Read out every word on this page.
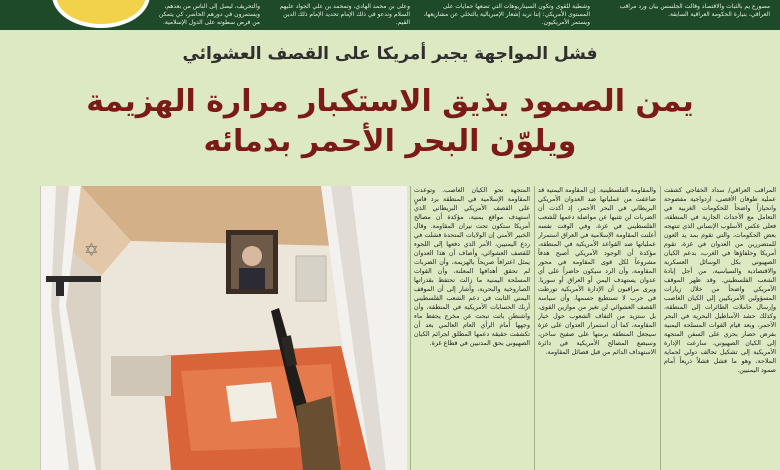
مصورع يم بالثبات والاقتصاد وقالت الجلسس بيان ورد مراقب العراقي، بنيارة الحكومة العراقية السابقة.
وشطية للقوى وتكون السيناريوهات التي تضعها حمايات على المستوى الأمريكي: إننا نريد إشعار الإمبريالية بالتخلي عن مشاريعها، ويستمر الأمريكيون.
وعلى بن محمد الهادي، وتمحمد بن علي الجواد عليهم السلام وندعو في ذلك الإمام تحديد الإمام ذلك الدين القيم.
والتحريف، ليصل إلى الناس من بعدهم، ويستمرون في دورهم الحاضر، كي يتمكن من فرض سطوته على الدول الإسلامية.
فشل المواجهة يجبر أمريكا على القصف العشوائي
يمن الصمود يذيق الاستكبار مرارة الهزيمة ويلوّن البحر الأحمر بدمائه
✡
المتجهة نحو الكيان الغاصب. وتوعدت المقاومة الإسلامية في المنطقة برد قاسٍ على القصف الأمريكي البريطاني الذي استهدف مواقع يمنية، مؤكدة أن مصالح أمريكا ستكون تحت نيران المقاومة. وقال الخبير الأمني إن الولايات المتحدة فشلت في ردع اليمنيين، الأمر الذي دفعها إلى اللجوء للقصف العشوائي، وأضاف أن هذا العدوان يمثل اعترافاً صريحاً بالهزيمة، وأن الضربات لم تحقق أهدافها المعلنة، وأن القوات المسلحة اليمنية ما زالت تحتفظ بقدراتها الصاروخية والبحرية، وأشار إلى أن الموقف اليمني الثابت في دعم الشعب الفلسطيني أربك الحسابات الأمريكية في المنطقة، وأن واشنطن باتت تبحث عن مخرج يحفظ ماء وجهها أمام الرأي العام العالمي بعد أن تكشفت حقيقة دعمها المطلق لجرائم الكيان الصهيوني بحق المدنيين في قطاع غزة.
والمقاومة الفلسطينية. إن المقاومة اليمنية قد ضاعفت من عملياتها ضد العدوان الأمريكي البريطاني في البحر الأحمر، إذ أكدت أن الضربات لن تثنيها عن مواصلة دعمها للشعب الفلسطيني في غزة، وفي الوقت نفسه أعلنت المقاومة الإسلامية في العراق استمرار عملياتها ضد القواعد الأمريكية في المنطقة، مؤكدة أن الوجود الأمريكي أصبح هدفاً مشروعاً لكل قوى المقاومة في محور المقاومة، وأن الرد سيكون حاضراً على أي عدوان يستهدف اليمن أو العراق أو سوريا. ويرى مراقبون أن الإدارة الأمريكية تورطت في حرب لا تستطيع حسمها، وأن سياسة القصف العشوائي لن تغير من موازين القوى، بل ستزيد من التفاف الشعوب حول خيار المقاومة، كما أن استمرار العدوان على غزة سيجعل المنطقة برمتها على صفيح ساخن، وسيضع المصالح الأمريكية في دائرة الاستهداف الدائم من قبل فصائل المقاومة.
المراقب العراقي/ سداد الخفاجي كشفت عملية طوفان الأقصى، ازدواجية مفضوحة وانحيازاً واضحاً للحكومات الغربية في التعامل مع الأحداث الجارية في المنطقة، فعلى عكس الأسلوب الإنساني الذي تنتهجه بعض الحكومات، والتي تقوم بمد يد العون للمتضررين من العدوان في غزة، تقوم أمريكا وحلفاؤها في الغرب، بدعم الكيان الصهيوني بكل الوسائل العسكرية والاقتصادية والسياسية، من أجل إبادة الشعب الفلسطيني. وقد ظهر الموقف الأمريكي واضحاً من خلال زيارات المسؤولين الأمريكيين إلى الكيان الغاصب وإرسال حاملات الطائرات إلى المنطقة، وكذلك حشد الأساطيل البحرية في البحر الأحمر، وبعد قيام القوات المسلحة اليمنية بفرض حصار بحري على السفن المتجهة إلى الكيان الصهيوني، سارعت الإدارة الأمريكية إلى تشكيل تحالف دولي لحماية الملاحة، وهو ما فشل فشلاً ذريعاً أمام صمود اليمنيين.
